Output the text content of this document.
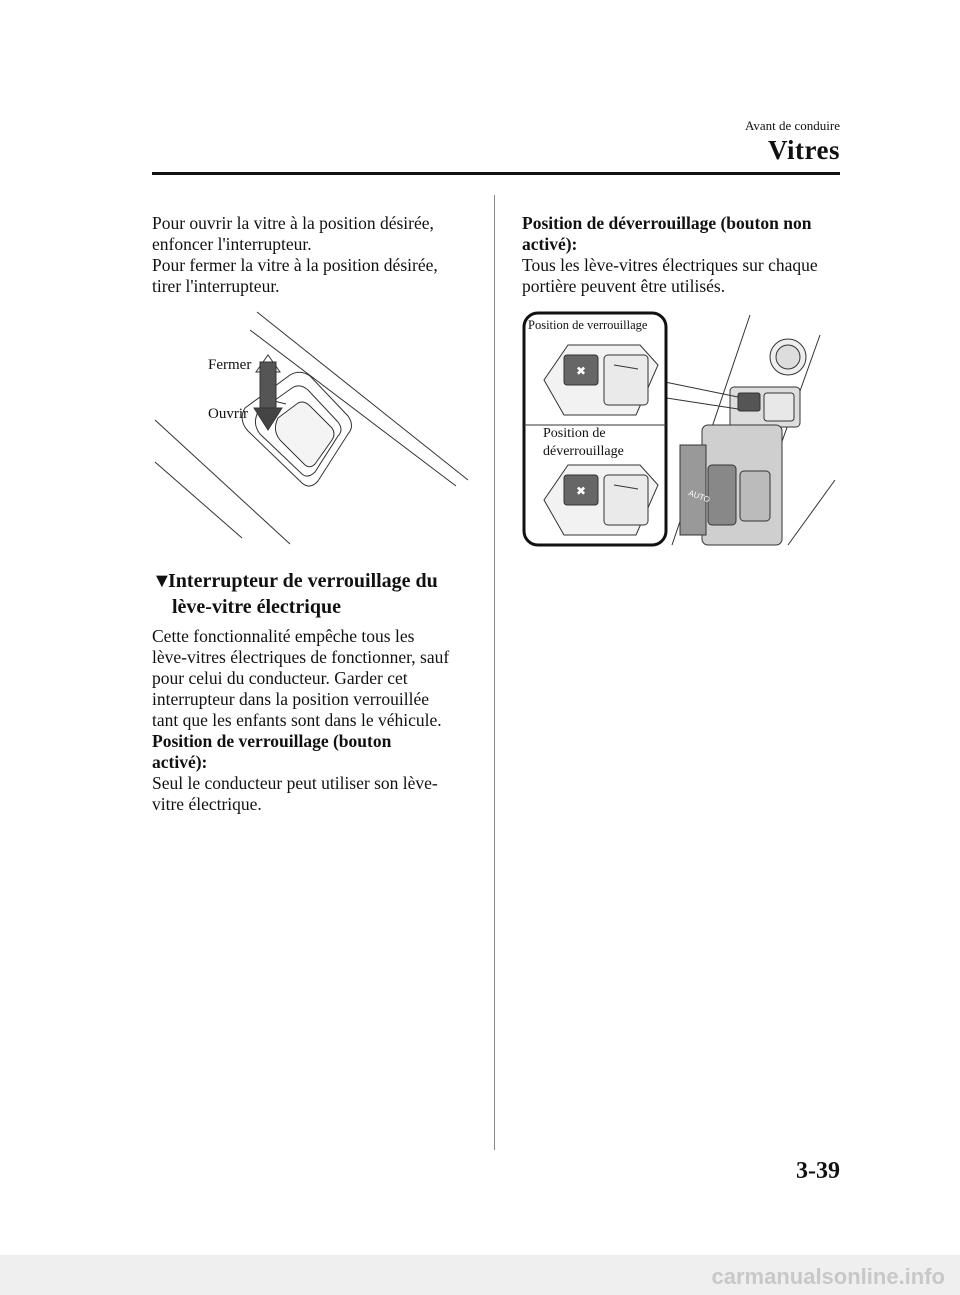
Avant de conduire
Vitres
Pour ouvrir la vitre à la position désirée,
enfoncer l'interrupteur.
Pour fermer la vitre à la position désirée,
tirer l'interrupteur.
Fermer
Ouvrir
▼Interrupteur de verrouillage du
lève-vitre électrique
Cette fonctionnalité empêche tous les
lève-vitres électriques de fonctionner, sauf
pour celui du conducteur. Garder cet
interrupteur dans la position verrouillée
tant que les enfants sont dans le véhicule.
Position de verrouillage (bouton
activé):
Seul le conducteur peut utiliser son lève-
vitre électrique.
Position de déverrouillage (bouton non
activé):
Tous les lève-vitres électriques sur chaque
portière peuvent être utilisés.
AUTO
✖
✖
Position de verrouillage
Position de
déverrouillage
3-39
carmanualsonline.info
